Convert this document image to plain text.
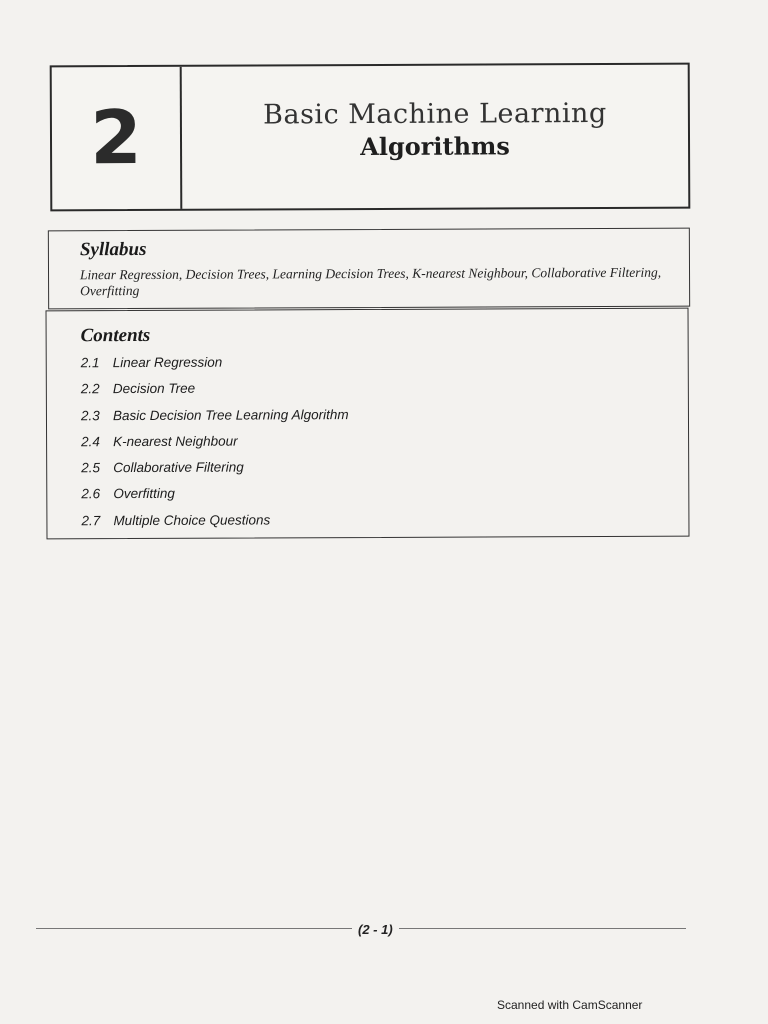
2	Basic Machine Learning
Algorithms
Syllabus
Linear Regression, Decision Trees, Learning Decision Trees, K-nearest Neighbour, Collaborative Filtering, Overfitting
Contents
2.1 Linear Regression
2.2 Decision Tree
2.3 Basic Decision Tree Learning Algorithm
2.4 K-nearest Neighbour
2.5 Collaborative Filtering
2.6 Overfitting
2.7 Multiple Choice Questions
(2 - 1)
Scanned with CamScanner
